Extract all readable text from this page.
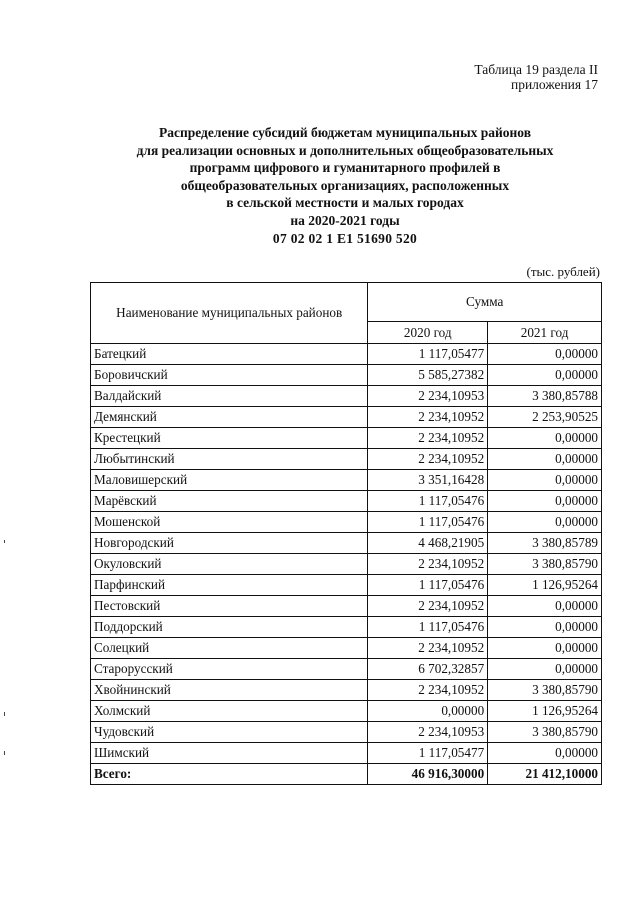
Таблица 19 раздела II
приложения 17
Распределение субсидий бюджетам муниципальных районов
для реализации основных и дополнительных общеобразовательных
программ цифрового и гуманитарного профилей в
общеобразовательных организациях, расположенных
в сельской местности и малых городах
на 2020-2021 годы
07 02 02 1 E1 51690 520
(тыс. рублей)
Наименование муниципальных районов	Сумма	
	2020 год	2021 год
Батецкий	1 117,05477	0,00000
Боровичский	5 585,27382	0,00000
Валдайский	2 234,10953	3 380,85788
Демянский	2 234,10952	2 253,90525
Крестецкий	2 234,10952	0,00000
Любытинский	2 234,10952	0,00000
Маловишерский	3 351,16428	0,00000
Марёвский	1 117,05476	0,00000
Мошенской	1 117,05476	0,00000
Новгородский	4 468,21905	3 380,85789
Окуловский	2 234,10952	3 380,85790
Парфинский	1 117,05476	1 126,95264
Пестовский	2 234,10952	0,00000
Поддорский	1 117,05476	0,00000
Солецкий	2 234,10952	0,00000
Старорусский	6 702,32857	0,00000
Хвойнинский	2 234,10952	3 380,85790
Холмский	0,00000	1 126,95264
Чудовский	2 234,10953	3 380,85790
Шимский	1 117,05477	0,00000
Всего:	46 916,30000	21 412,10000
